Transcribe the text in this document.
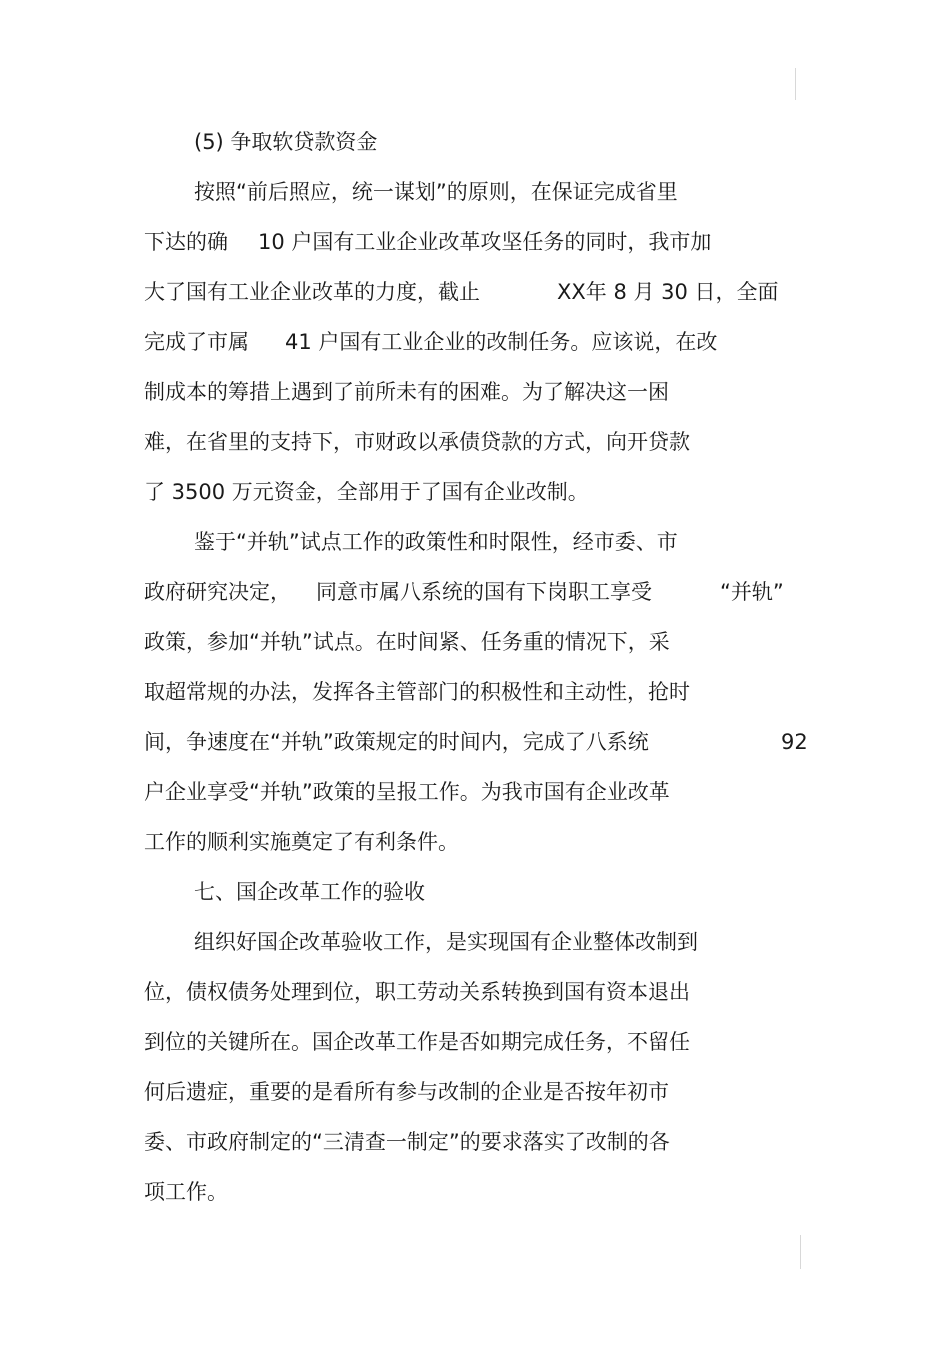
(5) 争取软贷款资金

按照“前后照应，统一谋划”的原则，在保证完成省里

下达的确

10 户国有工业企业改革攻坚任务的同时，我市加

大了国有工业企业改革的力度，截止

	XX年 8 月 30 日，全面

完成了市属

41 户国有工业企业的改制任务。应该说，在改

制成本的筹措上遇到了前所未有的困难。为了解决这一困

难，在省里的支持下，市财政以承债贷款的方式，向开贷款

了 3500 万元资金，全部用于了国有企业改制。

鉴于“并轨”试点工作的政策性和时限性，经市委、市

政府研究决定，

同意市属八系统的国有下岗职工享受

	“并轨”

政策，参加“并轨”试点。在时间紧、任务重的情况下，采

取超常规的办法，发挥各主管部门的积极性和主动性，抢时

间，争速度在“并轨”政策规定的时间内，完成了八系统

	92

户企业享受“并轨”政策的呈报工作。为我市国有企业改革

工作的顺利实施奠定了有利条件。

七、国企改革工作的验收

组织好国企改革验收工作，是实现国有企业整体改制到

位，债权债务处理到位，职工劳动关系转换到国有资本退出

到位的关键所在。国企改革工作是否如期完成任务，不留任

何后遗症，重要的是看所有参与改制的企业是否按年初市

委、市政府制定的“三清查一制定”的要求落实了改制的各

项工作。
